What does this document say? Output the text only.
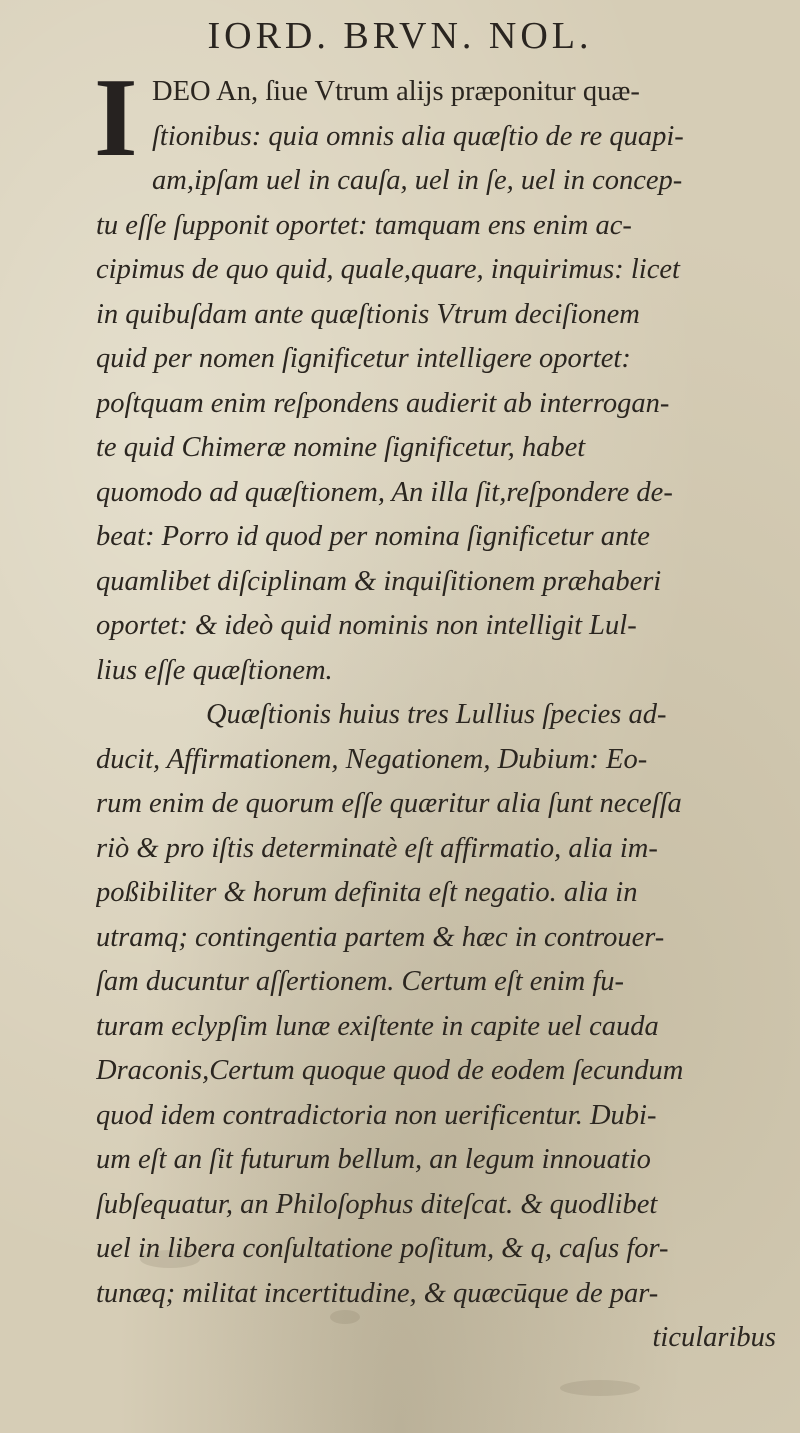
IORD. BRVN. NOL.
I DEO An, ſiue Vtrum alijs præponitur quæ-
ſtionibus: quia omnis alia quæſtio de re quapi-
am,ipſam uel in cauſa, uel in ſe, uel in concep-
tu eſſe ſupponit oportet: tamquam ens enim ac-
cipimus de quo quid, quale,quare, inquirimus: licet
in quibuſdam ante quæſtionis Vtrum deciſionem
quid per nomen ſignificetur intelligere oportet:
poſtquam enim reſpondens audierit ab interrogan-
te quid Chimeræ nomine ſignificetur, habet
quomodo ad quæſtionem, An illa ſit,reſpondere de-
beat: Porro id quod per nomina ſignificetur ante
quamlibet diſciplinam & inquiſitionem præhaberi
oportet: & ideò quid nominis non intelligit Lul-
lius eſſe quæſtionem.
Quæſtionis huius tres Lullius ſpecies ad-
ducit, Affirmationem, Negationem, Dubium: Eo-
rum enim de quorum eſſe quæritur alia ſunt neceſſa
riò & pro iſtis determinatè eſt affirmatio, alia im-
poßibiliter & horum definita eſt negatio. alia in
utramq; contingentia partem & hæc in controuer-
ſam ducuntur aſſertionem. Certum eſt enim fu-
turam eclypſim lunæ exiſtente in capite uel cauda
Draconis,Certum quoque quod de eodem ſecundum
quod idem contradictoria non uerificentur. Dubi-
um eſt an ſit futurum bellum, an legum innouatio
ſubſequatur, an Philoſophus diteſcat. & quodlibet
uel in libera conſultatione poſitum, & q, caſus for-
tunæq; militat incertitudine, & quæcūque de par-
ticularibus
